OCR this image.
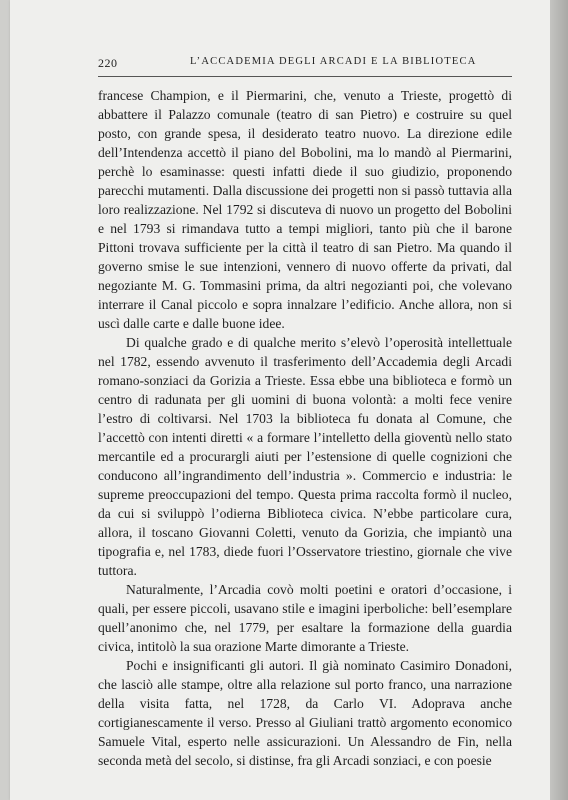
220	L’ACCADEMIA DEGLI ARCADI E LA BIBLIOTECA

francese Champion, e il Piermarini, che, venuto a Trieste, progettò di abbattere il Palazzo comunale (teatro di san Pietro) e costruire su quel posto, con grande spesa, il desiderato teatro nuovo. La direzione edile dell’Intendenza accettò il piano del Bobolini, ma lo mandò al Piermarini, perchè lo esaminasse: questi infatti diede il suo giudizio, proponendo parecchi mutamenti. Dalla discussione dei progetti non si passò tuttavia alla loro realizzazione. Nel 1792 si discuteva di nuovo un progetto del Bobolini e nel 1793 si rimandava tutto a tempi migliori, tanto più che il barone Pittoni trovava sufficiente per la città il teatro di san Pietro. Ma quando il governo smise le sue intenzioni, vennero di nuovo offerte da privati, dal negoziante M. G. Tommasini prima, da altri negozianti poi, che volevano interrare il Canal piccolo e sopra innalzare l’edificio. Anche allora, non si uscì dalle carte e dalle buone idee.

Di qualche grado e di qualche merito s’elevò l’operosità intellettuale nel 1782, essendo avvenuto il trasferimento dell’Accademia degli Arcadi romano-sonziaci da Gorizia a Trieste. Essa ebbe una biblioteca e formò un centro di radunata per gli uomini di buona volontà: a molti fece venire l’estro di coltivarsi. Nel 1703 la biblioteca fu donata al Comune, che l’accettò con intenti diretti « a formare l’intelletto della gioventù nello stato mercantile ed a procurargli aiuti per l’estensione di quelle cognizioni che conducono all’ingrandimento dell’industria ». Commercio e industria: le supreme preoccupazioni del tempo. Questa prima raccolta formò il nucleo, da cui si sviluppò l’odierna Biblioteca civica. N’ebbe particolare cura, allora, il toscano Giovanni Coletti, venuto da Gorizia, che impiantò una tipografia e, nel 1783, diede fuori l’Osservatore triestino, giornale che vive tuttora.

Naturalmente, l’Arcadia covò molti poetini e oratori d’occasione, i quali, per essere piccoli, usavano stile e imagini iperboliche: bell’esemplare quell’anonimo che, nel 1779, per esaltare la formazione della guardia civica, intitolò la sua orazione Marte dimorante a Trieste.

Pochi e insignificanti gli autori. Il già nominato Casimiro Donadoni, che lasciò alle stampe, oltre alla relazione sul porto franco, una narrazione della visita fatta, nel 1728, da Carlo VI. Adoprava anche cortigianescamente il verso. Presso al Giuliani trattò argomento economico Samuele Vital, esperto nelle assicurazioni. Un Alessandro de Fin, nella seconda metà del secolo, si distinse, fra gli Arcadi sonziaci, e con poesie
